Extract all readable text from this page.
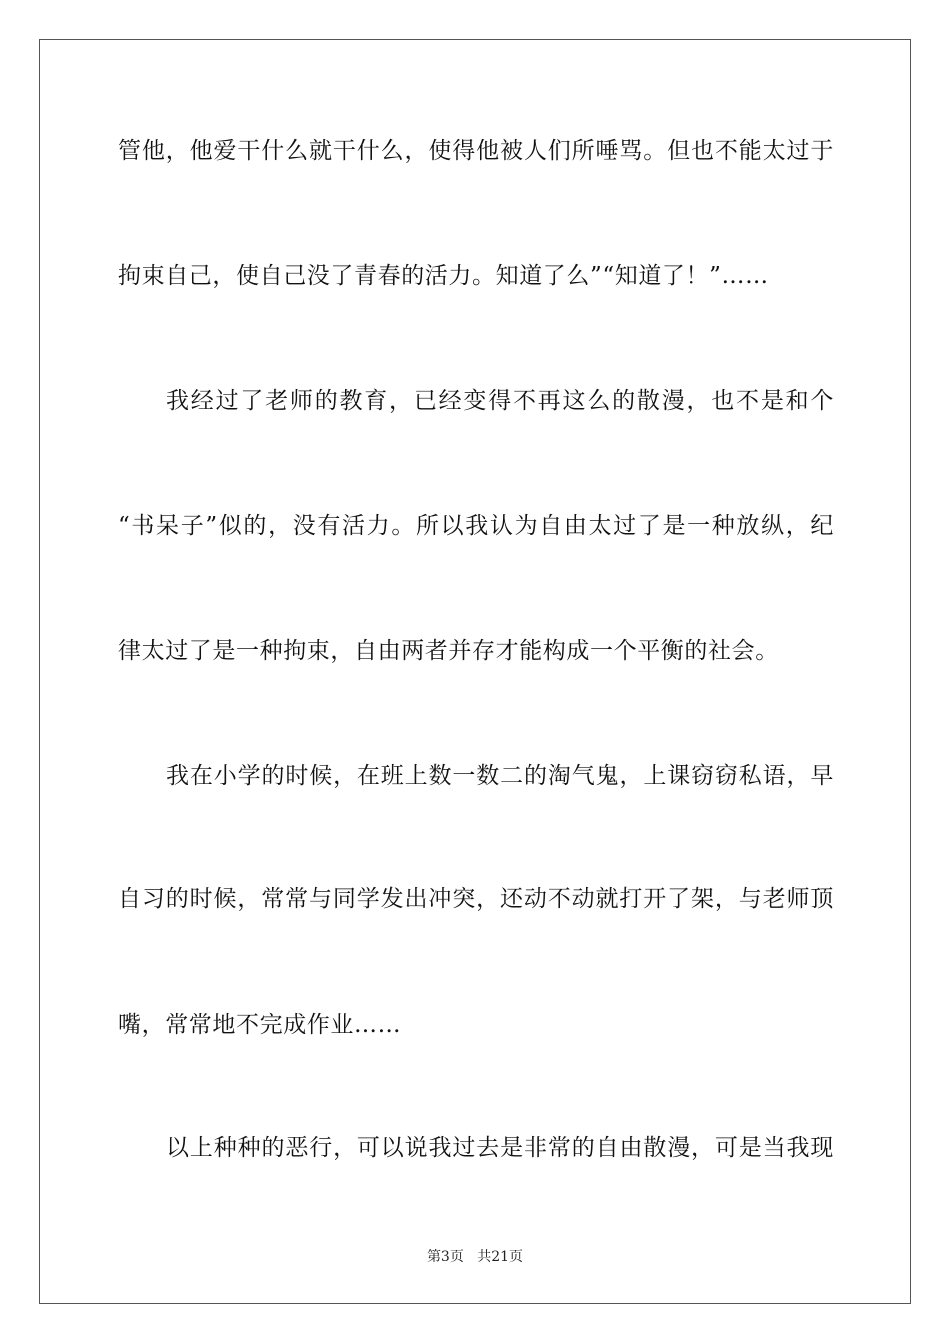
管他，他爱干什么就干什么，使得他被人们所唾骂。但也不能太过于
拘束自己，使自己没了青春的活力。知道了么”“知道了！”……
我经过了老师的教育，已经变得不再这么的散漫，也不是和个
“书呆子”似的，没有活力。所以我认为自由太过了是一种放纵，纪
律太过了是一种拘束，自由两者并存才能构成一个平衡的社会。
我在小学的时候，在班上数一数二的淘气鬼，上课窃窃私语，早
自习的时候，常常与同学发出冲突，还动不动就打开了架，与老师顶
嘴，常常地不完成作业……
以上种种的恶行，可以说我过去是非常的自由散漫，可是当我现
第3页 共21页
